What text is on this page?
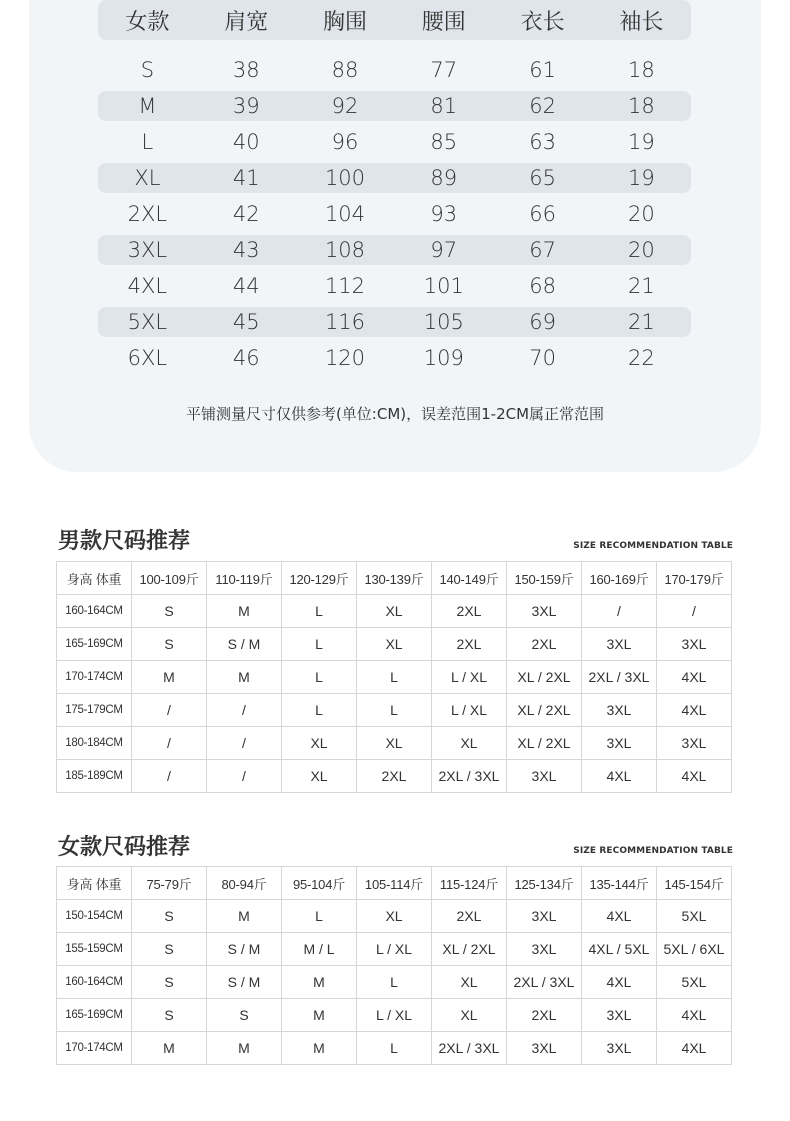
女款	肩宽	胸围	腰围	衣长	袖长
S	38	88	77	61	18
M	39	92	81	62	18
L	40	96	85	63	19
XL	41	100	89	65	19
2XL	42	104	93	66	20
3XL	43	108	97	67	20
4XL	44	112	101	68	21
5XL	45	116	105	69	21
6XL	46	120	109	70	22
平铺测量尺寸仅供参考(单位:CM)，误差范围1-2CM属正常范围
男款尺码推荐	SIZE RECOMMENDATION TABLE
身高 体重	100-109斤	110-119斤	120-129斤	130-139斤	140-149斤	150-159斤	160-169斤	170-179斤
160-164CM	S	M	L	XL	2XL	3XL	/	/
165-169CM	S	S / M	L	XL	2XL	2XL	3XL	3XL
170-174CM	M	M	L	L	L / XL	XL / 2XL	2XL / 3XL	4XL
175-179CM	/	/	L	L	L / XL	XL / 2XL	3XL	4XL
180-184CM	/	/	XL	XL	XL	XL / 2XL	3XL	3XL
185-189CM	/	/	XL	2XL	2XL / 3XL	3XL	4XL	4XL
女款尺码推荐	SIZE RECOMMENDATION TABLE
身高 体重	75-79斤	80-94斤	95-104斤	105-114斤	115-124斤	125-134斤	135-144斤	145-154斤
150-154CM	S	M	L	XL	2XL	3XL	4XL	5XL
155-159CM	S	S / M	M / L	L / XL	XL / 2XL	3XL	4XL / 5XL	5XL / 6XL
160-164CM	S	S / M	M	L	XL	2XL / 3XL	4XL	5XL
165-169CM	S	S	M	L / XL	XL	2XL	3XL	4XL
170-174CM	M	M	M	L	2XL / 3XL	3XL	3XL	4XL
